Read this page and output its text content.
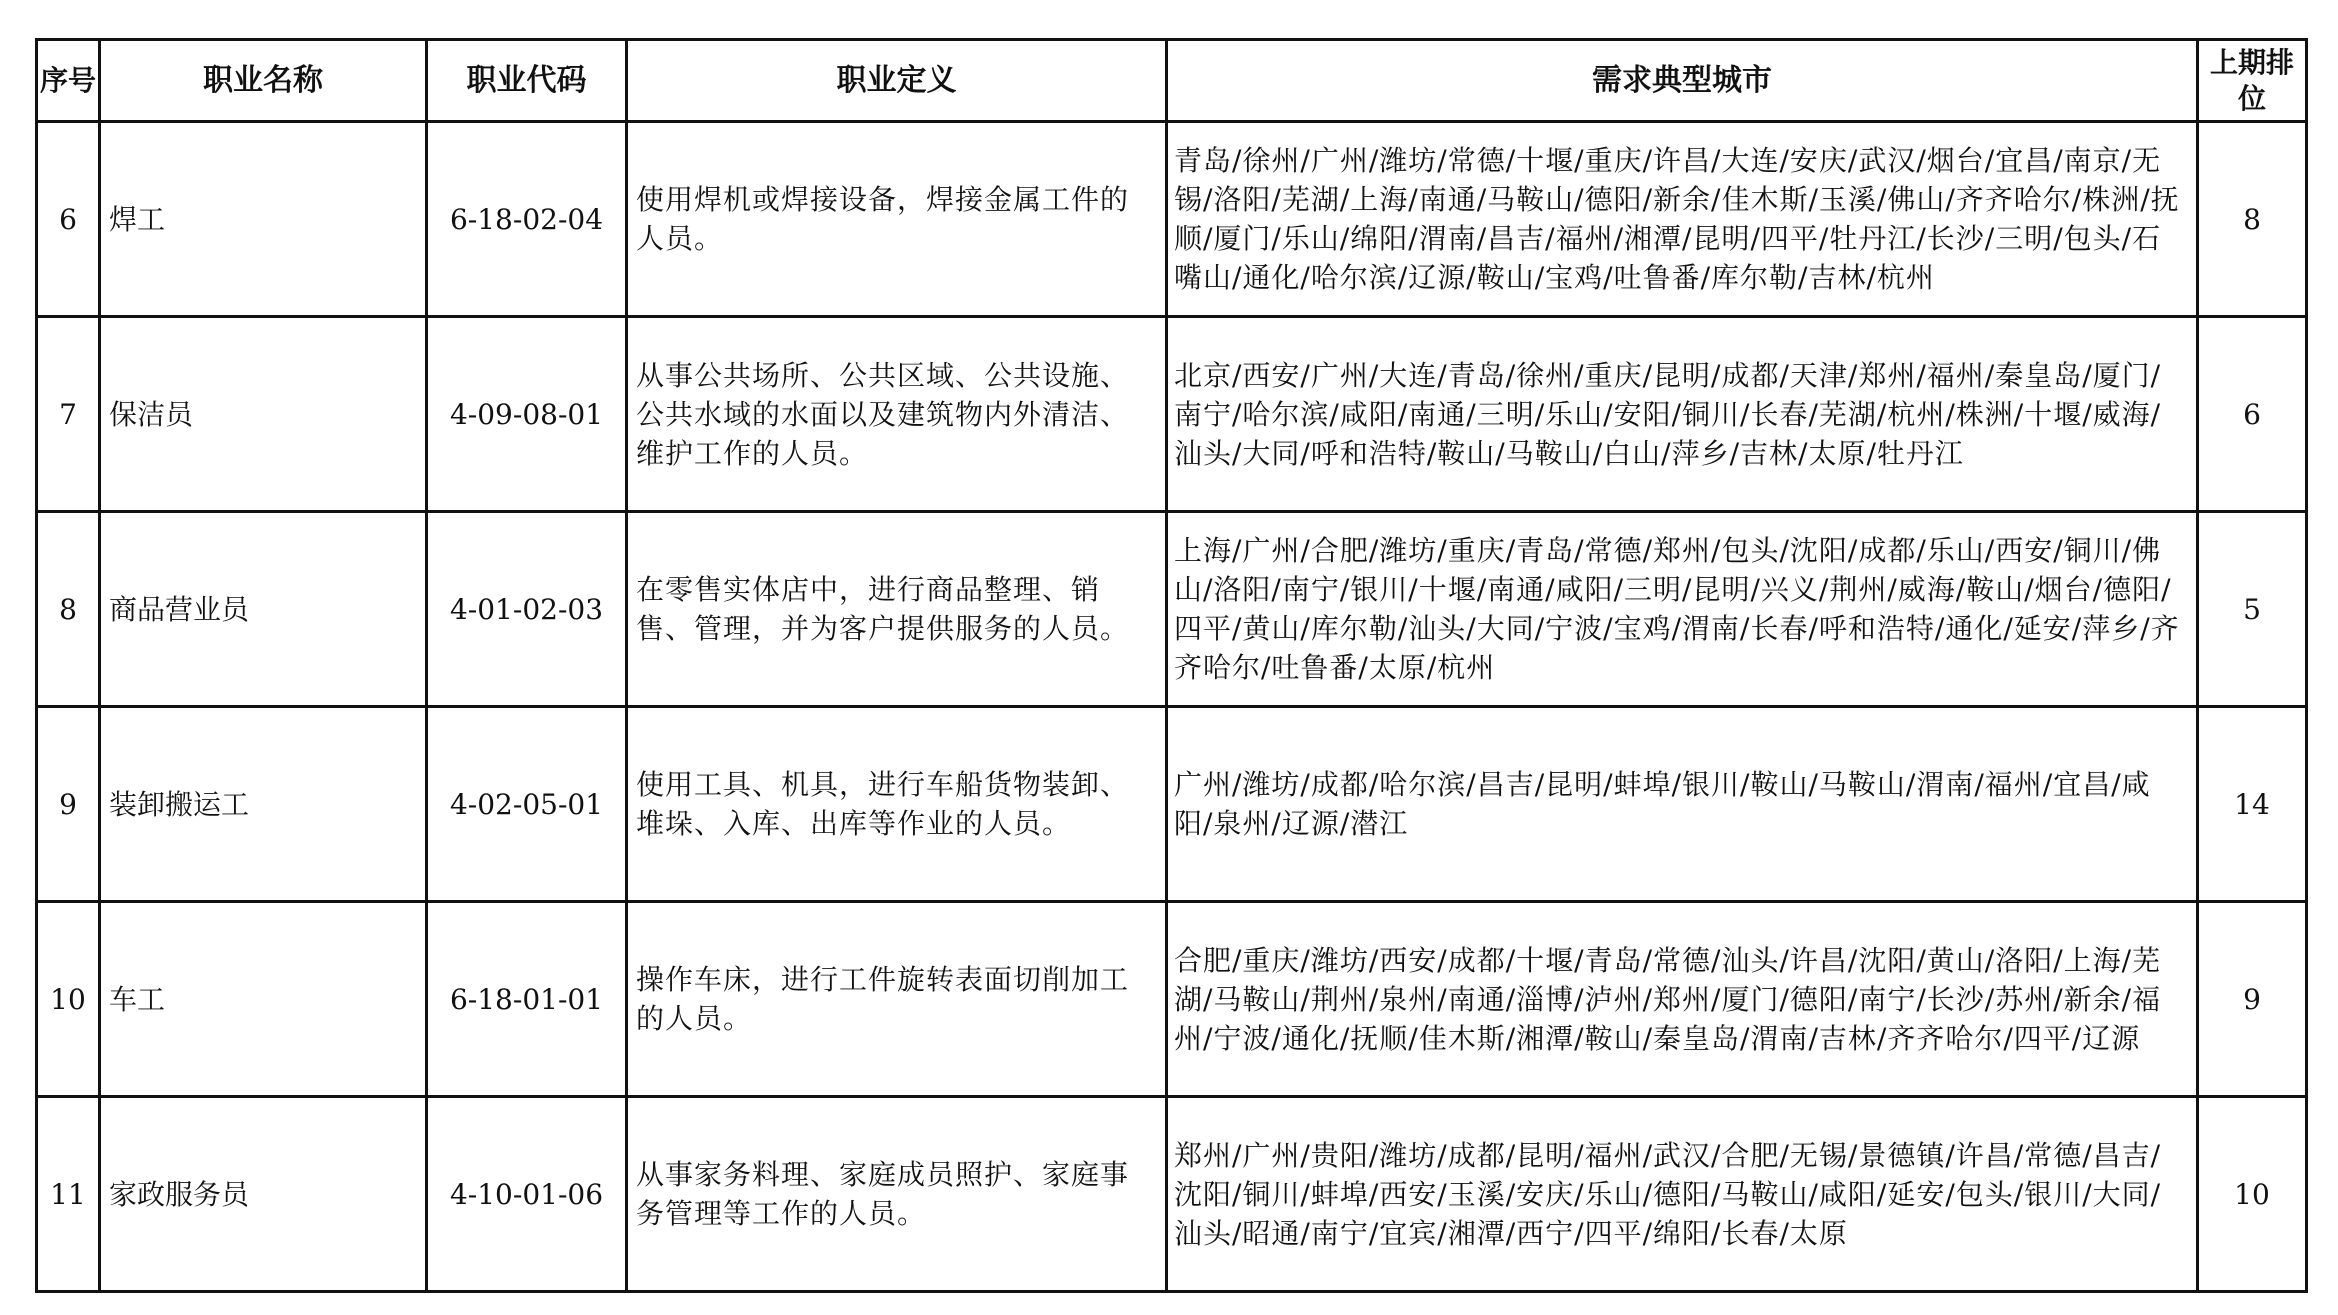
序号	职业名称	职业代码	职业定义	需求典型城市	上期排位
6	焊工	6-18-02-04	使用焊机或焊接设备，焊接金属工件的人员。	青岛/徐州/广州/潍坊/常德/十堰/重庆/许昌/大连/安庆/武汉/烟台/宜昌/南京/无锡/洛阳/芜湖/上海/南通/马鞍山/德阳/新余/佳木斯/玉溪/佛山/齐齐哈尔/株洲/抚顺/厦门/乐山/绵阳/渭南/昌吉/福州/湘潭/昆明/四平/牡丹江/长沙/三明/包头/石嘴山/通化/哈尔滨/辽源/鞍山/宝鸡/吐鲁番/库尔勒/吉林/杭州	8
7	保洁员	4-09-08-01	从事公共场所、公共区域、公共设施、公共水域的水面以及建筑物内外清洁、维护工作的人员。	北京/西安/广州/大连/青岛/徐州/重庆/昆明/成都/天津/郑州/福州/秦皇岛/厦门/南宁/哈尔滨/咸阳/南通/三明/乐山/安阳/铜川/长春/芜湖/杭州/株洲/十堰/威海/汕头/大同/呼和浩特/鞍山/马鞍山/白山/萍乡/吉林/太原/牡丹江	6
8	商品营业员	4-01-02-03	在零售实体店中，进行商品整理、销售、管理，并为客户提供服务的人员。	上海/广州/合肥/潍坊/重庆/青岛/常德/郑州/包头/沈阳/成都/乐山/西安/铜川/佛山/洛阳/南宁/银川/十堰/南通/咸阳/三明/昆明/兴义/荆州/威海/鞍山/烟台/德阳/四平/黄山/库尔勒/汕头/大同/宁波/宝鸡/渭南/长春/呼和浩特/通化/延安/萍乡/齐齐哈尔/吐鲁番/太原/杭州	5
9	装卸搬运工	4-02-05-01	使用工具、机具，进行车船货物装卸、堆垛、入库、出库等作业的人员。	广州/潍坊/成都/哈尔滨/昌吉/昆明/蚌埠/银川/鞍山/马鞍山/渭南/福州/宜昌/咸阳/泉州/辽源/潜江	14
10	车工	6-18-01-01	操作车床，进行工件旋转表面切削加工的人员。	合肥/重庆/潍坊/西安/成都/十堰/青岛/常德/汕头/许昌/沈阳/黄山/洛阳/上海/芜湖/马鞍山/荆州/泉州/南通/淄博/泸州/郑州/厦门/德阳/南宁/长沙/苏州/新余/福州/宁波/通化/抚顺/佳木斯/湘潭/鞍山/秦皇岛/渭南/吉林/齐齐哈尔/四平/辽源	9
11	家政服务员	4-10-01-06	从事家务料理、家庭成员照护、家庭事务管理等工作的人员。	郑州/广州/贵阳/潍坊/成都/昆明/福州/武汉/合肥/无锡/景德镇/许昌/常德/昌吉/沈阳/铜川/蚌埠/西安/玉溪/安庆/乐山/德阳/马鞍山/咸阳/延安/包头/银川/大同/汕头/昭通/南宁/宜宾/湘潭/西宁/四平/绵阳/长春/太原	10
